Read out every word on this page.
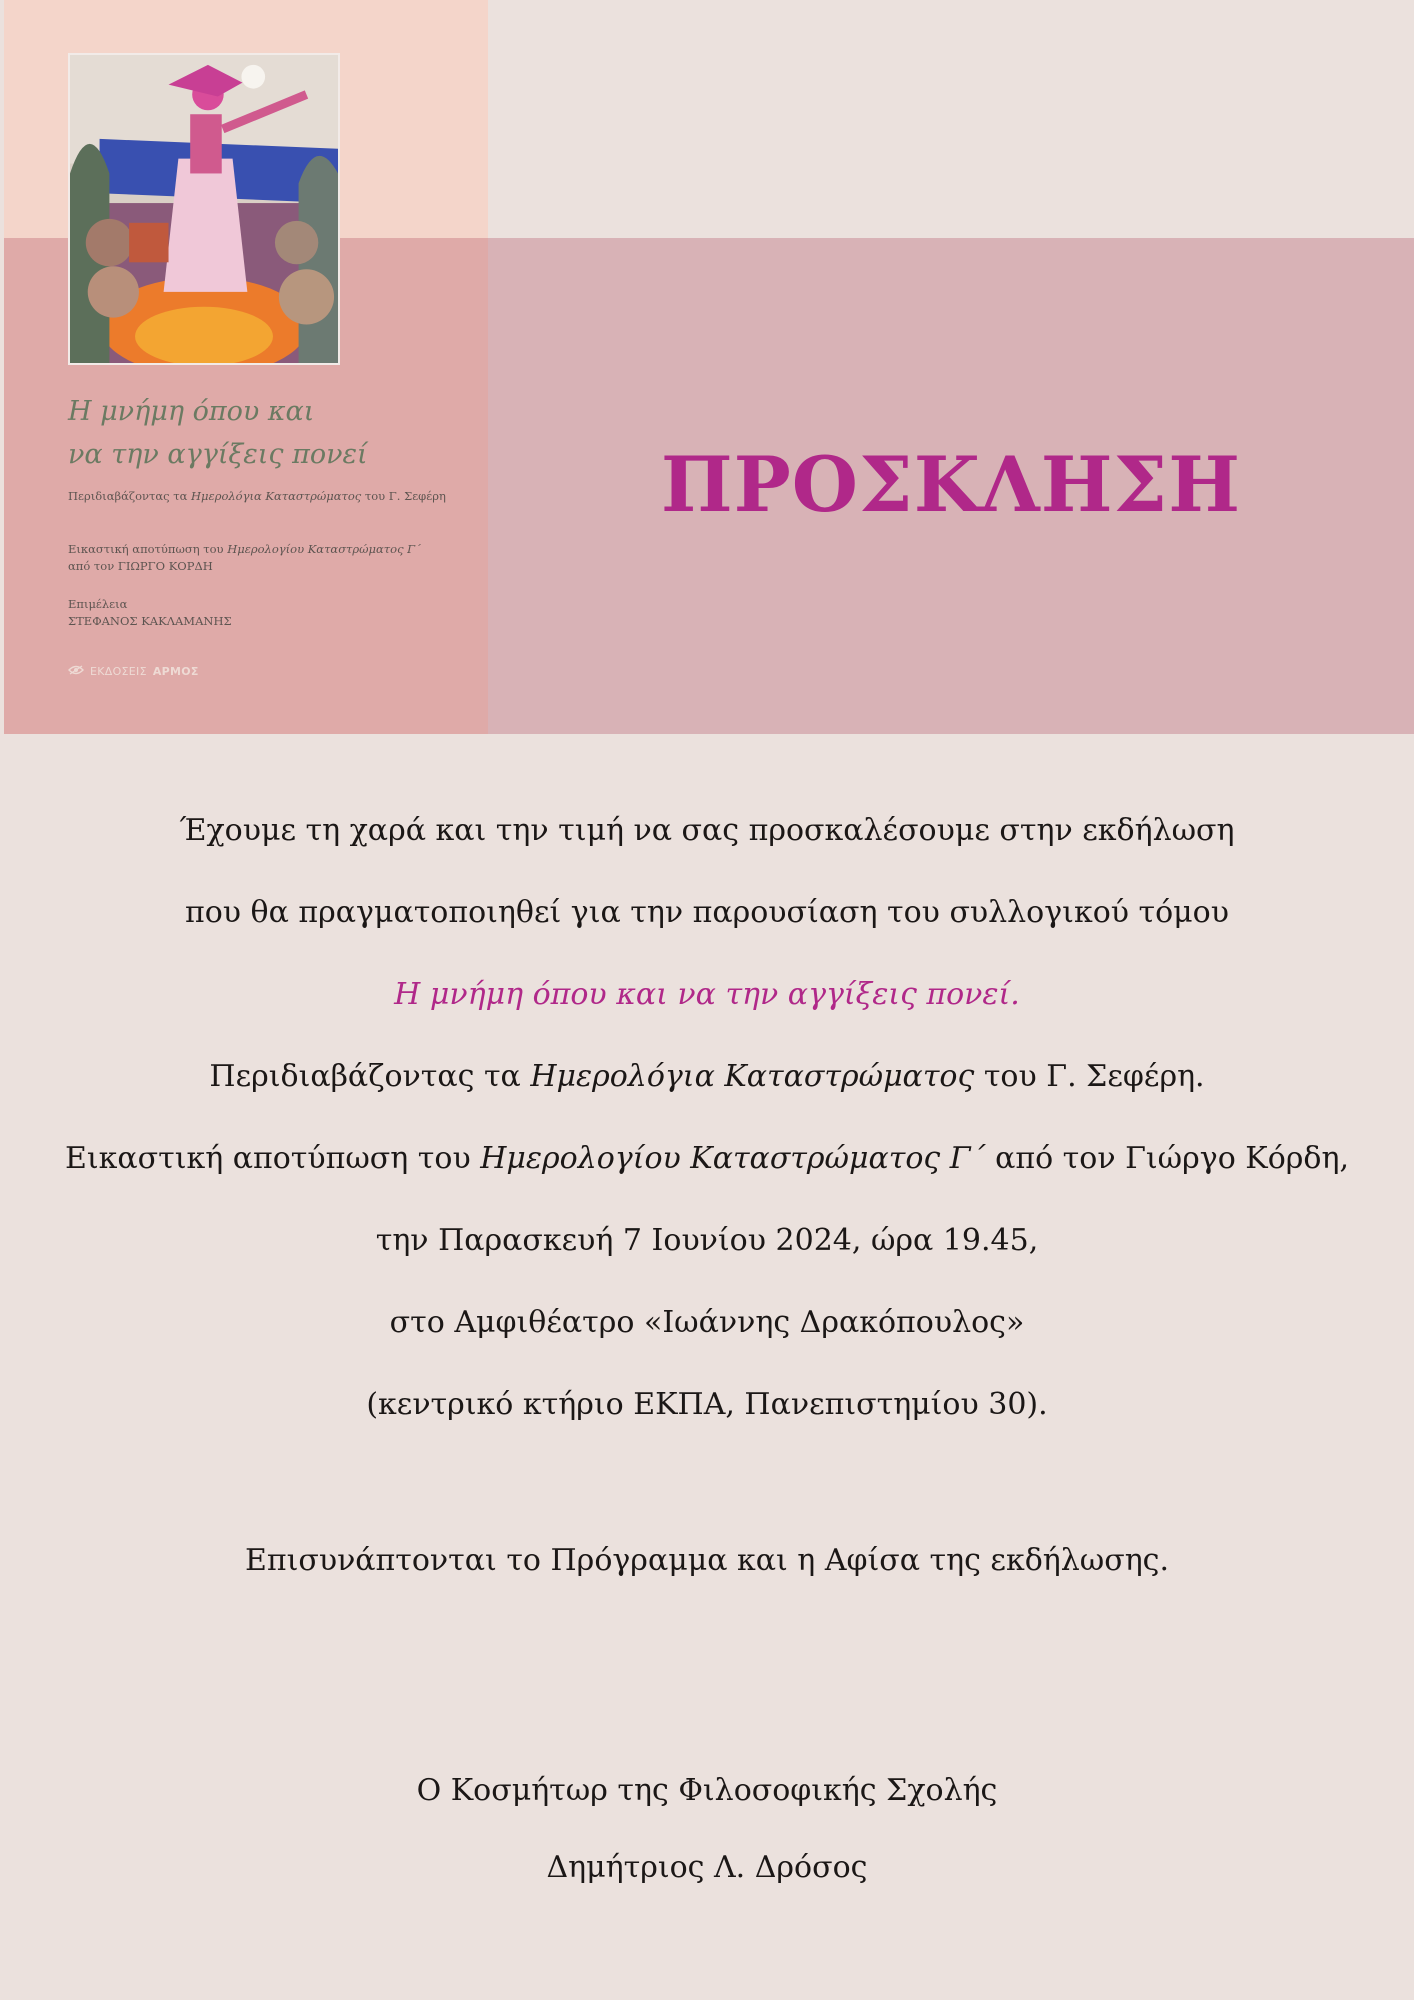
Η μνήμη όπου και
να την αγγίξεις πονεί
Περιδιαβάζοντας τα Ημερολόγια Καταστρώματος του Γ. Σεφέρη
Εικαστική αποτύπωση του Ημερολογίου Καταστρώματος Γ΄
από τον ΓΙΩΡΓΟ ΚΟΡΔΗ
Επιμέλεια
ΣΤΕΦΑΝΟΣ ΚΑΚΛΑΜΑΝΗΣ
ΕΚΔΟΣΕΙΣ ΑΡΜΟΣ
ΠΡΟΣΚΛΗΣΗ
Έχουμε τη χαρά και την τιμή να σας προσκαλέσουμε στην εκδήλωση
που θα πραγματοποιηθεί για την παρουσίαση του συλλογικού τόμου
Η μνήμη όπου και να την αγγίξεις πονεί.
Περιδιαβάζοντας τα Ημερολόγια Καταστρώματος του Γ. Σεφέρη.
Εικαστική αποτύπωση του Ημερολογίου Καταστρώματος Γ΄ από τον Γιώργο Κόρδη,
την Παρασκευή 7 Ιουνίου 2024, ώρα 19.45,
στο Αμφιθέατρο «Ιωάννης Δρακόπουλος»
(κεντρικό κτήριο ΕΚΠΑ, Πανεπιστημίου 30).
Επισυνάπτονται το Πρόγραμμα και η Αφίσα της εκδήλωσης.
Ο Κοσμήτωρ της Φιλοσοφικής Σχολής
Δημήτριος Λ. Δρόσος
